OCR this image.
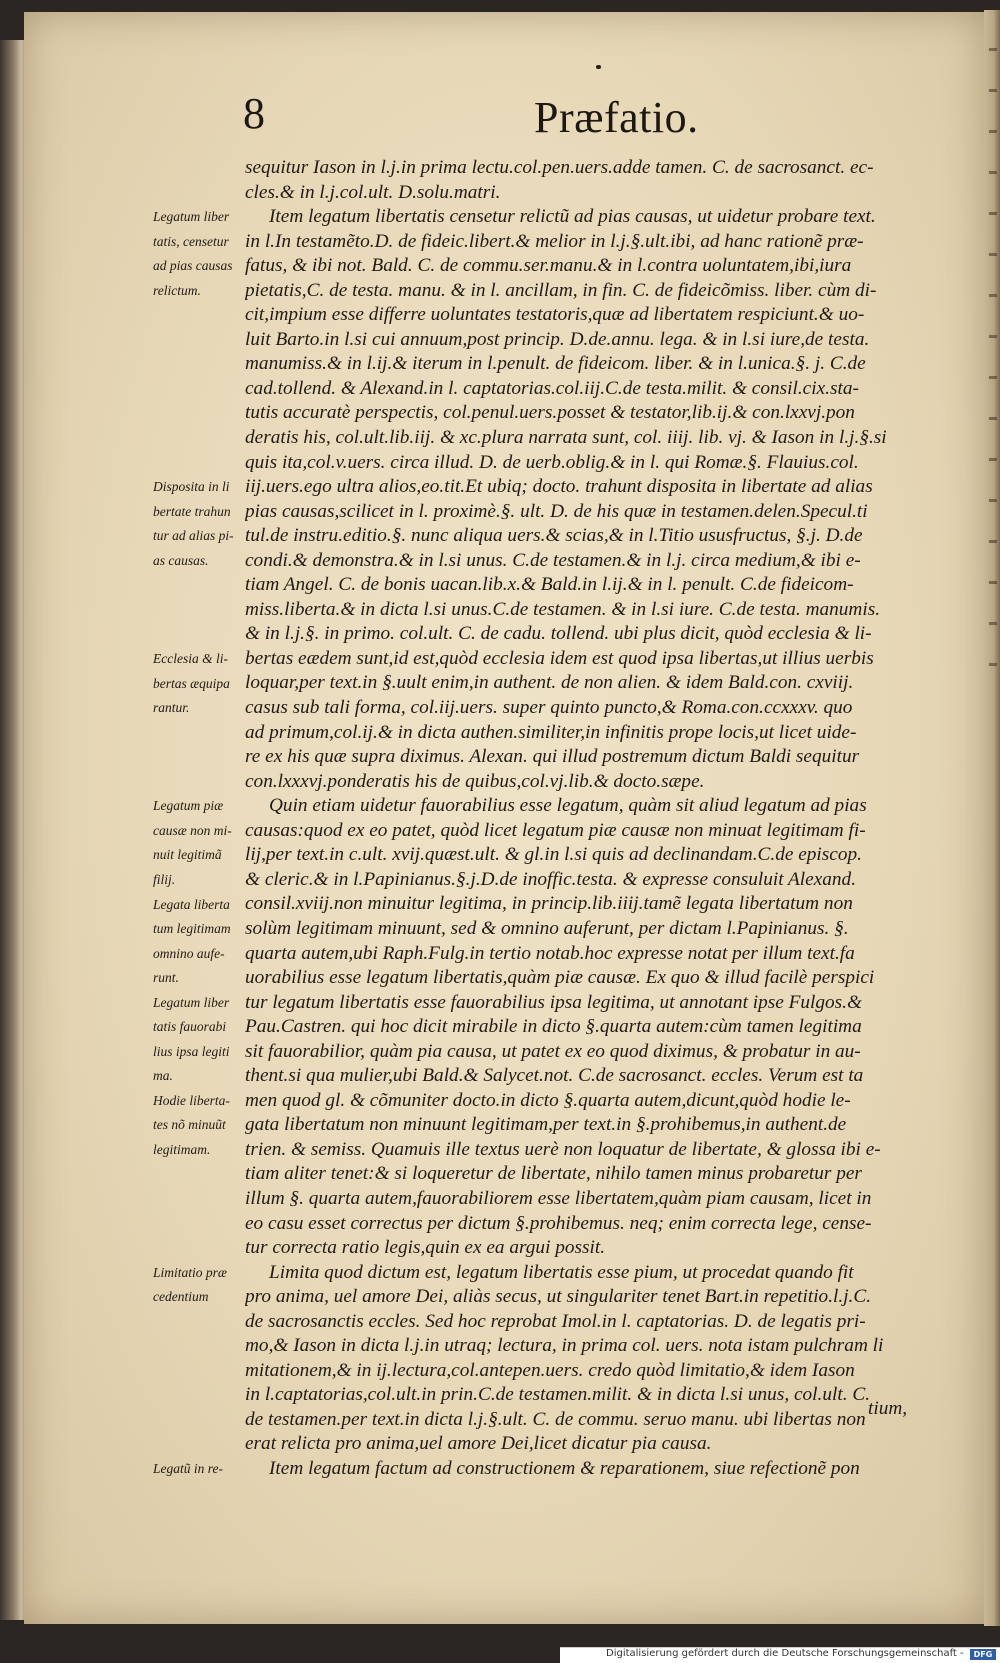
8	Præfatio.
sequitur Iason in l.j.in prima lectu.col.pen.uers.adde tamen. C. de sacrosanct. ec-
cles.& in l.j.col.ult. D.solu.matri.
Item legatum libertatis censetur relictũ ad pias causas, ut uidetur probare text.
in l.In testamẽto.D. de fideic.libert.& melior in l.j.§.ult.ibi, ad hanc rationẽ præ-
fatus, & ibi not. Bald. C. de commu.ser.manu.& in l.contra uoluntatem,ibi,iura
pietatis,C. de testa. manu. & in l. ancillam, in fin. C. de fideicõmiss. liber. cùm di-
cit,impium esse differre uoluntates testatoris,quæ ad libertatem respiciunt.& uo-
luit Barto.in l.si cui annuum,post princip. D.de.annu. lega. & in l.si iure,de testa.
manumiss.& in l.ij.& iterum in l.penult. de fideicom. liber. & in l.unica.§. j. C.de
cad.tollend. & Alexand.in l. captatorias.col.iij.C.de testa.milit. & consil.cix.sta-
tutis accuratè perspectis, col.penul.uers.posset & testator,lib.ij.& con.lxxvj.pon
deratis his, col.ult.lib.iij. & xc.plura narrata sunt, col. iiij. lib. vj. & Iason in l.j.§.si
quis ita,col.v.uers. circa illud. D. de uerb.oblig.& in l. qui Romæ.§. Flauius.col.
iij.uers.ego ultra alios,eo.tit.Et ubiq; docto. trahunt disposita in libertate ad alias
pias causas,scilicet in l. proximè.§. ult. D. de his quæ in testamen.delen.Specul.ti
tul.de instru.editio.§. nunc aliqua uers.& scias,& in l.Titio ususfructus, §.j. D.de
condi.& demonstra.& in l.si unus. C.de testamen.& in l.j. circa medium,& ibi e-
tiam Angel. C. de bonis uacan.lib.x.& Bald.in l.ij.& in l. penult. C.de fideicom-
miss.liberta.& in dicta l.si unus.C.de testamen. & in l.si iure. C.de testa. manumis.
& in l.j.§. in primo. col.ult. C. de cadu. tollend. ubi plus dicit, quòd ecclesia & li-
bertas eædem sunt,id est,quòd ecclesia idem est quod ipsa libertas,ut illius uerbis
loquar,per text.in §.uult enim,in authent. de non alien. & idem Bald.con. cxviij.
casus sub tali forma, col.iij.uers. super quinto puncto,& Roma.con.ccxxxv. quo
ad primum,col.ij.& in dicta authen.similiter,in infinitis prope locis,ut licet uide-
re ex his quæ supra diximus. Alexan. qui illud postremum dictum Baldi sequitur
con.lxxxvj.ponderatis his de quibus,col.vj.lib.& docto.sæpe.
Quin etiam uidetur fauorabilius esse legatum, quàm sit aliud legatum ad pias
causas:quod ex eo patet, quòd licet legatum piæ causæ non minuat legitimam fi-
lij,per text.in c.ult. xvij.quæst.ult. & gl.in l.si quis ad declinandam.C.de episcop.
& cleric.& in l.Papinianus.§.j.D.de inoffic.testa. & expresse consuluit Alexand.
consil.xviij.non minuitur legitima, in princip.lib.iiij.tamẽ legata libertatum non
solùm legitimam minuunt, sed & omnino auferunt, per dictam l.Papinianus. §.
quarta autem,ubi Raph.Fulg.in tertio notab.hoc expresse notat per illum text.fa
uorabilius esse legatum libertatis,quàm piæ causæ. Ex quo & illud facilè perspici
tur legatum libertatis esse fauorabilius ipsa legitima, ut annotant ipse Fulgos.&
Pau.Castren. qui hoc dicit mirabile in dicto §.quarta autem:cùm tamen legitima
sit fauorabilior, quàm pia causa, ut patet ex eo quod diximus, & probatur in au-
thent.si qua mulier,ubi Bald.& Salycet.not. C.de sacrosanct. eccles. Verum est ta
men quod gl. & cõmuniter docto.in dicto §.quarta autem,dicunt,quòd hodie le-
gata libertatum non minuunt legitimam,per text.in §.prohibemus,in authent.de
trien. & semiss. Quamuis ille textus uerè non loquatur de libertate, & glossa ibi e-
tiam aliter tenet:& si loqueretur de libertate, nihilo tamen minus probaretur per
illum §. quarta autem,fauorabiliorem esse libertatem,quàm piam causam, licet in
eo casu esset correctus per dictum §.prohibemus. neq; enim correcta lege, cense-
tur correcta ratio legis,quin ex ea argui possit.
Limita quod dictum est, legatum libertatis esse pium, ut procedat quando fit
pro anima, uel amore Dei, aliàs secus, ut singulariter tenet Bart.in repetitio.l.j.C.
de sacrosanctis eccles. Sed hoc reprobat Imol.in l. captatorias. D. de legatis pri-
mo,& Iason in dicta l.j.in utraq; lectura, in prima col. uers. nota istam pulchram li
mitationem,& in ij.lectura,col.antepen.uers. credo quòd limitatio,& idem Iason
in l.captatorias,col.ult.in prin.C.de testamen.milit. & in dicta l.si unus, col.ult. C.
de testamen.per text.in dicta l.j.§.ult. C. de commu. seruo manu. ubi libertas non
erat relicta pro anima,uel amore Dei,licet dicatur pia causa.
Item legatum factum ad constructionem & reparationem, siue refectionẽ pon
Legatum liber
tatis, censetur
ad pias causas
relictum.
Disposita in li
bertate trahun
tur ad alias pi-
as causas.
Ecclesia & li-
bertas æquipa
rantur.
Legatum piæ
causæ non mi-
nuit legitimã
filij.
Legata liberta
tum legitimam
omnino aufe-
runt.
Legatum liber
tatis fauorabi
lius ipsa legiti
ma.
Hodie liberta-
tes nõ minuũt
legitimam.
Limitatio præ
cedentium
Legatũ in re-
tium,
Digitalisierung gefördert durch die Deutsche Forschungsgemeinschaft -	DFG
